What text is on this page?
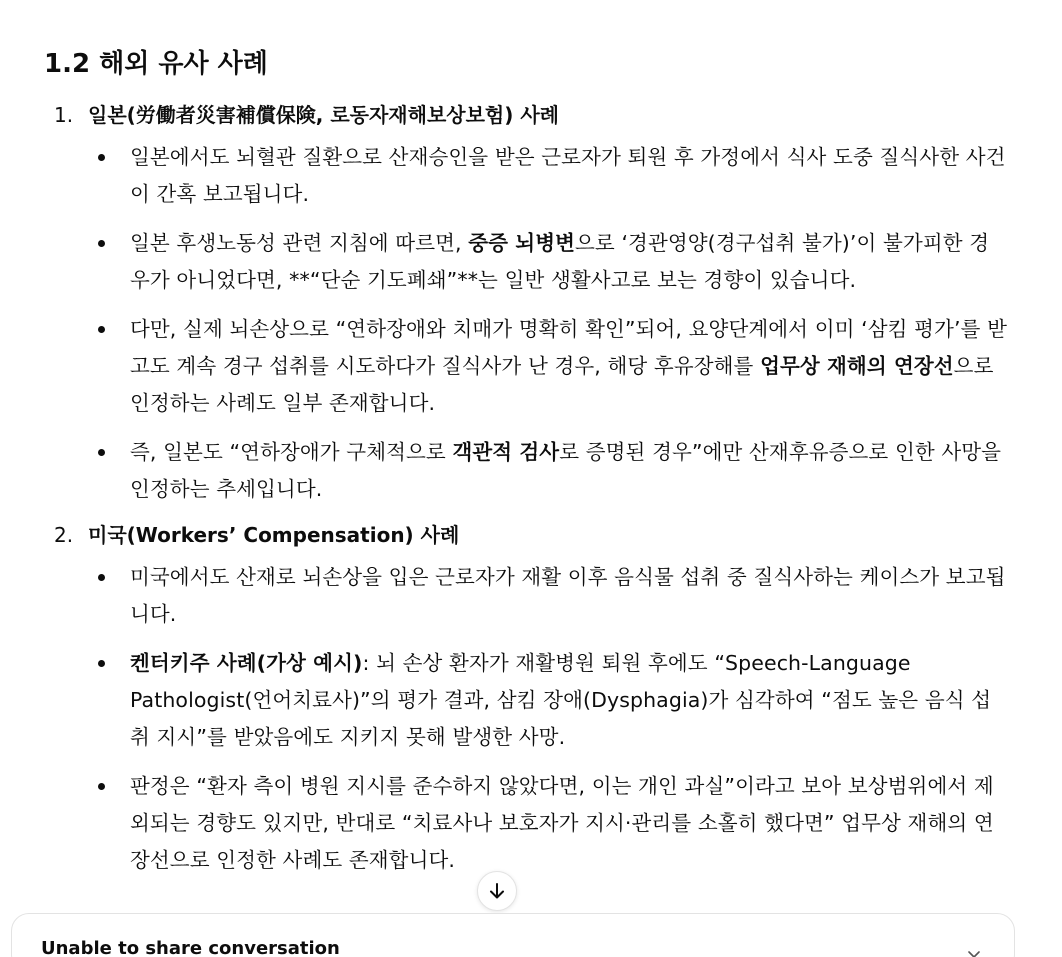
1.2 해외 유사 사례
1. 일본(労働者災害補償保険, 로동자재해보상보험) 사례
일본에서도 뇌혈관 질환으로 산재승인을 받은 근로자가 퇴원 후 가정에서 식사 도중 질식사한 사건이 간혹 보고됩니다.
일본 후생노동성 관련 지침에 따르면, 중증 뇌병변으로 ‘경관영양(경구섭취 불가)’이 불가피한 경우가 아니었다면, **“단순 기도폐쇄”**는 일반 생활사고로 보는 경향이 있습니다.
다만, 실제 뇌손상으로 “연하장애와 치매가 명확히 확인”되어, 요양단계에서 이미 ‘삼킴 평가’를 받고도 계속 경구 섭취를 시도하다가 질식사가 난 경우, 해당 후유장해를 업무상 재해의 연장선으로 인정하는 사례도 일부 존재합니다.
즉, 일본도 “연하장애가 구체적으로 객관적 검사로 증명된 경우”에만 산재후유증으로 인한 사망을 인정하는 추세입니다.
2. 미국(Workers’ Compensation) 사례
미국에서도 산재로 뇌손상을 입은 근로자가 재활 이후 음식물 섭취 중 질식사하는 케이스가 보고됩니다.
켄터키주 사례(가상 예시): 뇌 손상 환자가 재활병원 퇴원 후에도 “Speech-Language Pathologist(언어치료사)”의 평가 결과, 삼킴 장애(Dysphagia)가 심각하여 “점도 높은 음식 섭취 지시”를 받았음에도 지키지 못해 발생한 사망.
판정은 “환자 측이 병원 지시를 준수하지 않았다면, 이는 개인 과실”이라고 보아 보상범위에서 제외되는 경향도 있지만, 반대로 “치료사나 보호자가 지시·관리를 소홀히 했다면” 업무상 재해의 연장선으로 인정한 사례도 존재합니다.
Unable to share conversation
